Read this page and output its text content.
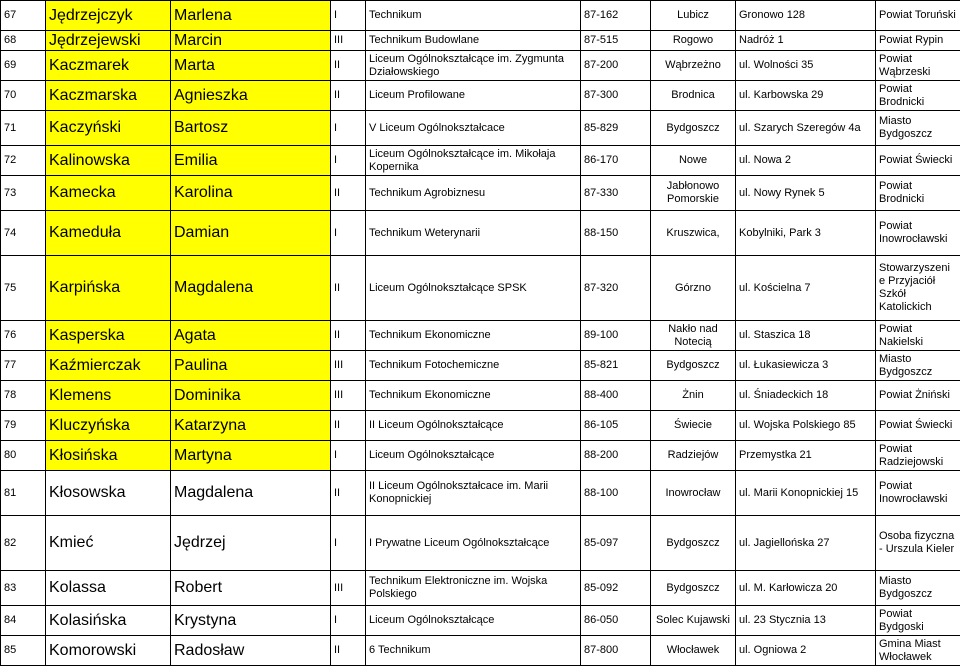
67	Jędrzejczyk	Marlena	I	Technikum	87-162	Lubicz	Gronowo 128	Powiat Toruński
68	Jędrzejewski	Marcin	III	Technikum Budowlane	87-515	Rogowo	Nadróż 1	Powiat Rypin
69	Kaczmarek	Marta	II	Liceum Ogólnokształcące im. Zygmunta Działowskiego	87-200	Wąbrzeżno	ul. Wolności 35	Powiat Wąbrzeski
70	Kaczmarska	Agnieszka	II	Liceum Profilowane	87-300	Brodnica	ul. Karbowska 29	Powiat Brodnicki
71	Kaczyński	Bartosz	I	V Liceum Ogólnokształcace	85-829	Bydgoszcz	ul. Szarych Szeregów 4a	Miasto Bydgoszcz
72	Kalinowska	Emilia	I	Liceum Ogólnokształcące im. Mikołaja Kopernika	86-170	Nowe	ul. Nowa 2	Powiat Świecki
73	Kamecka	Karolina	II	Technikum Agrobiznesu	87-330	Jabłonowo Pomorskie	ul. Nowy Rynek 5	Powiat Brodnicki
74	Kameduła	Damian	I	Technikum Weterynarii	88-150	Kruszwica,	Kobylniki, Park 3	Powiat Inowrocławski
75	Karpińska	Magdalena	II	Liceum Ogólnokształcące SPSK	87-320	Górzno	ul. Kościelna 7	Stowarzyszeni e Przyjaciół Szkół Katolickich
76	Kasperska	Agata	II	Technikum Ekonomiczne	89-100	Nakło nad Notecią	ul. Staszica 18	Powiat Nakielski
77	Kaźmierczak	Paulina	III	Technikum Fotochemiczne	85-821	Bydgoszcz	ul. Łukasiewicza 3	Miasto Bydgoszcz
78	Klemens	Dominika	III	Technikum Ekonomiczne	88-400	Żnin	ul. Śniadeckich 18	Powiat Żniński
79	Kluczyńska	Katarzyna	II	II Liceum Ogólnokształcące	86-105	Świecie	ul. Wojska Polskiego 85	Powiat Świecki
80	Kłosińska	Martyna	I	Liceum Ogólnokształcące	88-200	Radziejów	Przemystka 21	Powiat Radziejowski
81	Kłosowska	Magdalena	II	II Liceum Ogólnokształcace im. Marii Konopnickiej	88-100	Inowrocław	ul. Marii Konopnickiej 15	Powiat Inowrocławski
82	Kmieć	Jędrzej	I	I Prywatne Liceum Ogólnokształcące	85-097	Bydgoszcz	ul. Jagiellońska 27	Osoba fizyczna - Urszula Kieler
83	Kolassa	Robert	III	Technikum Elektroniczne im. Wojska Polskiego	85-092	Bydgoszcz	ul. M. Karłowicza 20	Miasto Bydgoszcz
84	Kolasińska	Krystyna	I	Liceum Ogólnokształcące	86-050	Solec Kujawski	ul. 23 Stycznia 13	Powiat Bydgoski
85	Komorowski	Radosław	II	6 Technikum	87-800	Włocławek	ul. Ogniowa 2	Gmina Miast Włocławek
